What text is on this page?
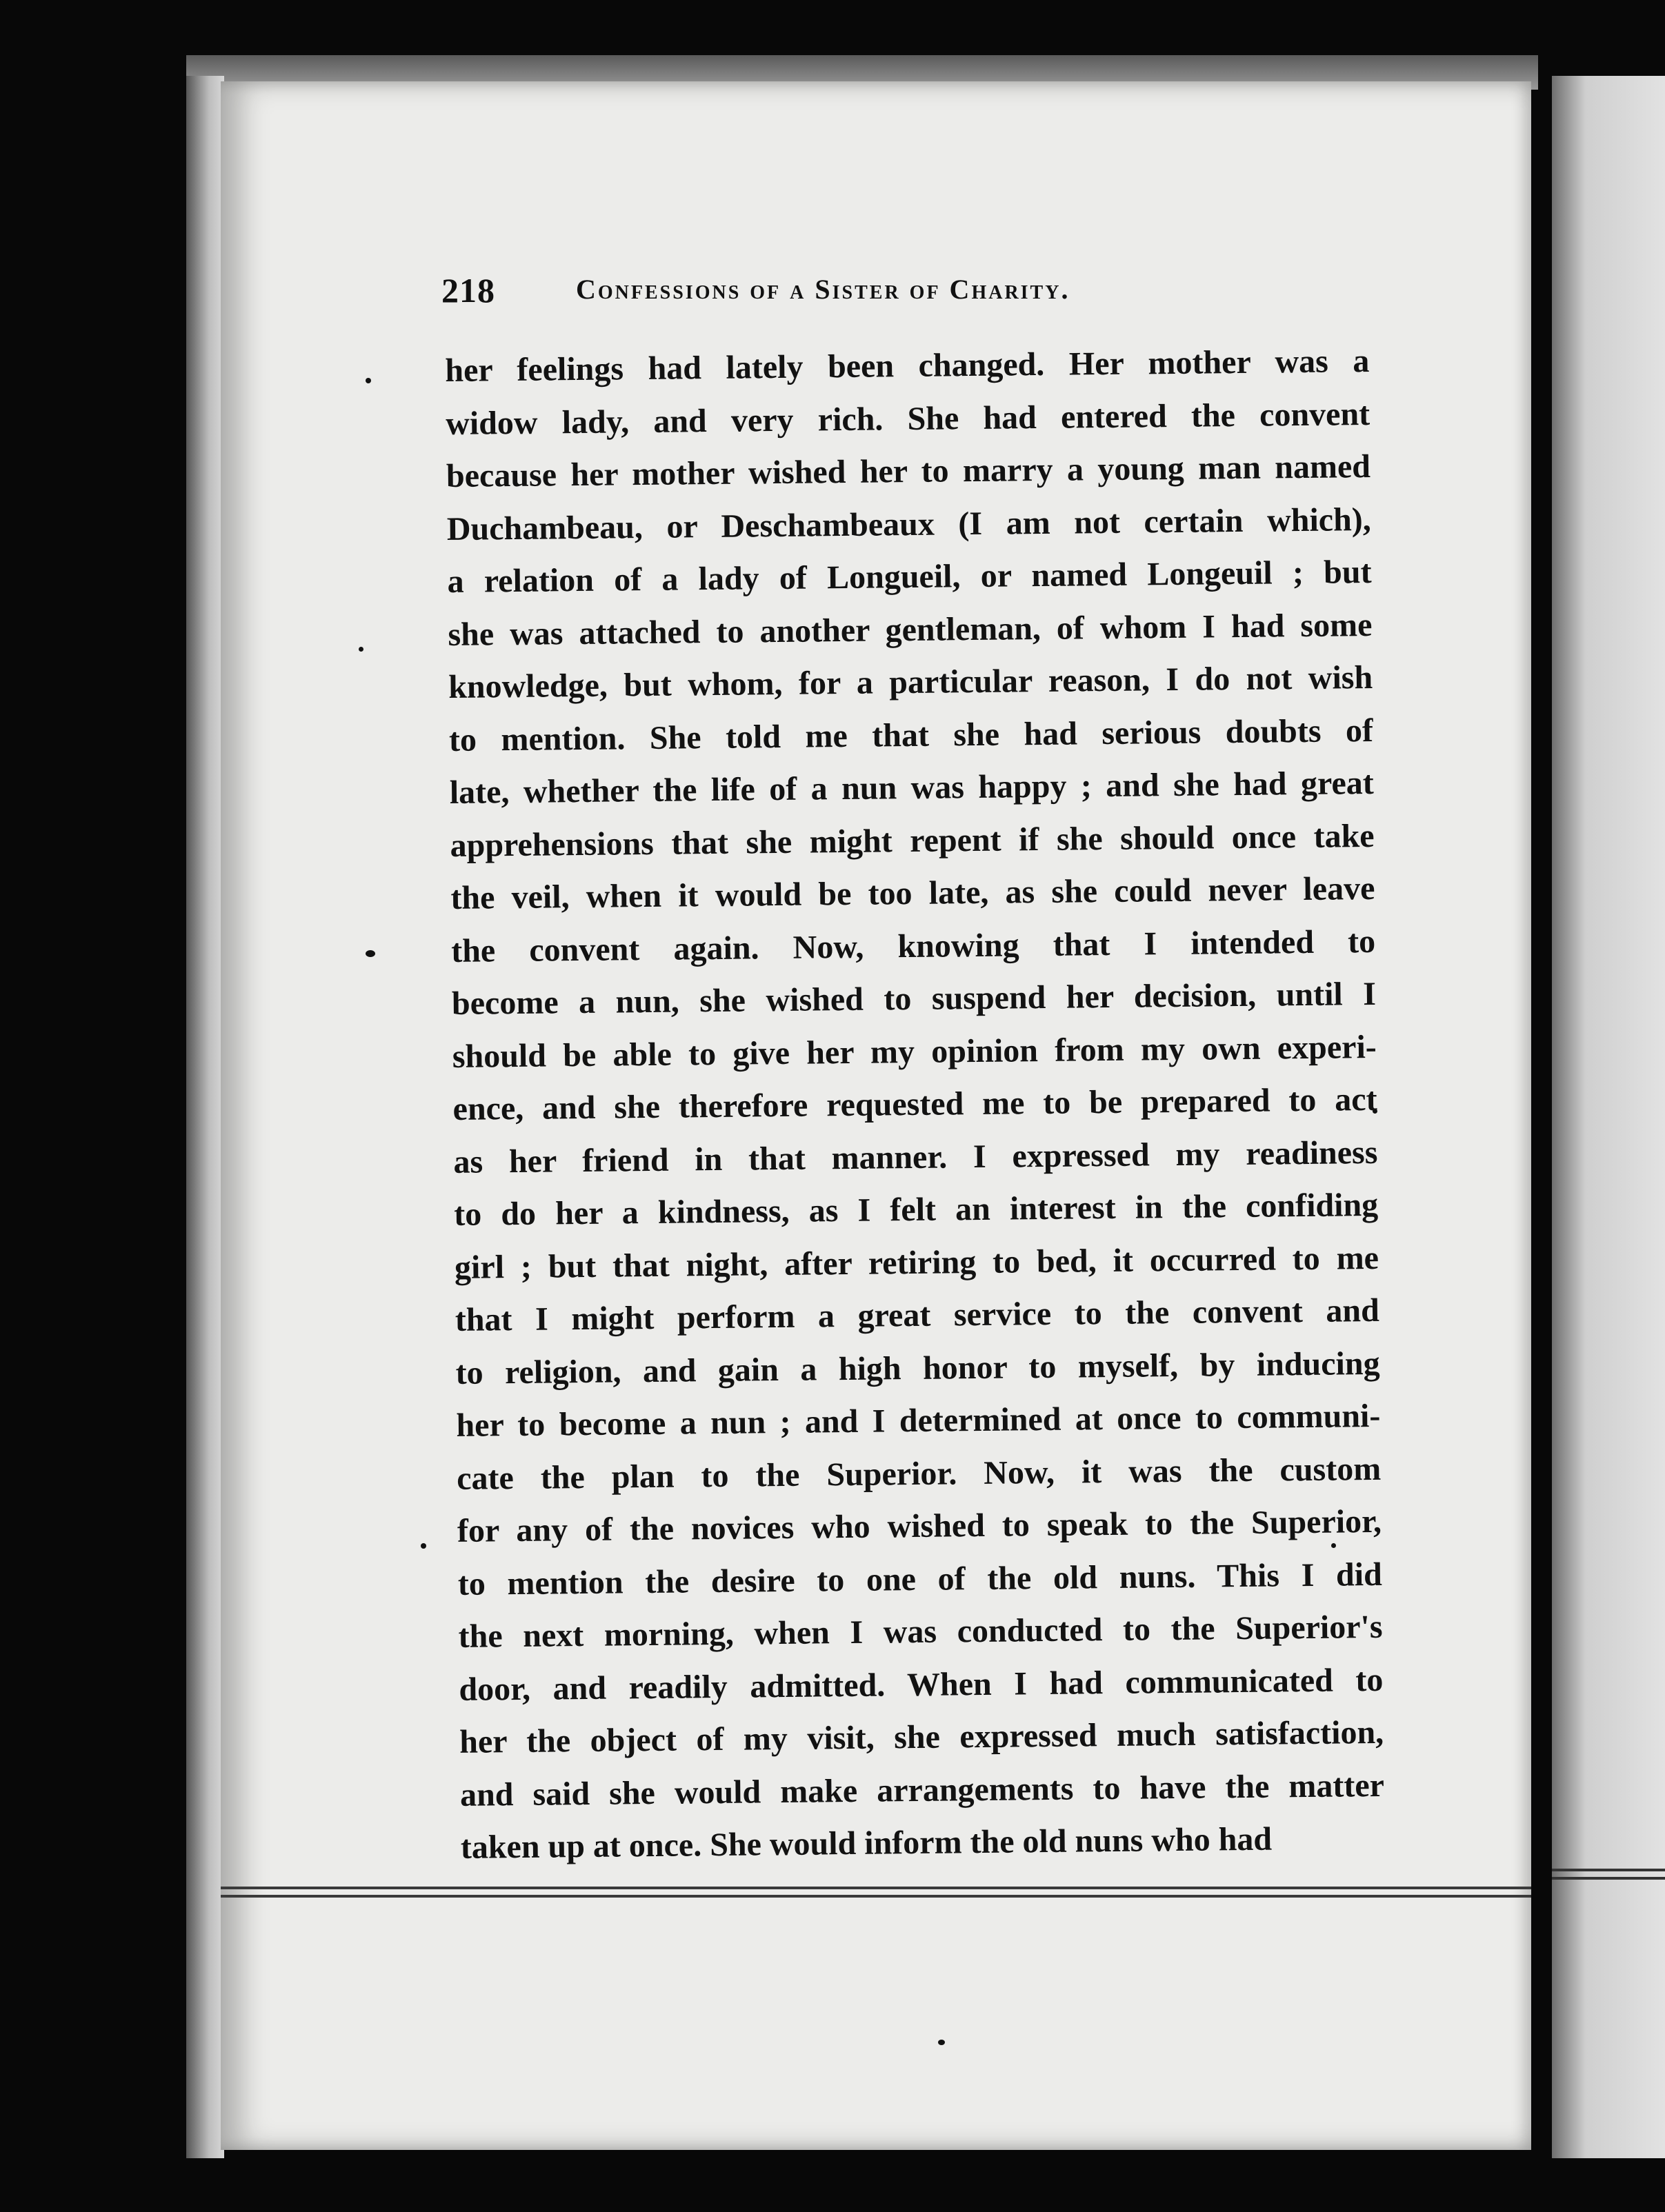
218	Confessions of a Sister of Charity.
her feelings had lately been changed. Her mother was a
widow lady, and very rich. She had entered the convent
because her mother wished her to marry a young man named
Duchambeau, or Deschambeaux (I am not certain which),
a relation of a lady of Longueil, or named Longeuil ; but
she was attached to another gentleman, of whom I had some
knowledge, but whom, for a particular reason, I do not wish
to mention. She told me that she had serious doubts of
late, whether the life of a nun was happy ; and she had great
apprehensions that she might repent if she should once take
the veil, when it would be too late, as she could never leave
the convent again. Now, knowing that I intended to
become a nun, she wished to suspend her decision, until I
should be able to give her my opinion from my own experi-
ence, and she therefore requested me to be prepared to act
as her friend in that manner. I expressed my readiness
to do her a kindness, as I felt an interest in the confiding
girl ; but that night, after retiring to bed, it occurred to me
that I might perform a great service to the convent and
to religion, and gain a high honor to myself, by inducing
her to become a nun ; and I determined at once to communi-
cate the plan to the Superior. Now, it was the custom
for any of the novices who wished to speak to the Superior,
to mention the desire to one of the old nuns. This I did
the next morning, when I was conducted to the Superior's
door, and readily admitted. When I had communicated to
her the object of my visit, she expressed much satisfaction,
and said she would make arrangements to have the matter
taken up at once. She would inform the old nuns who had
